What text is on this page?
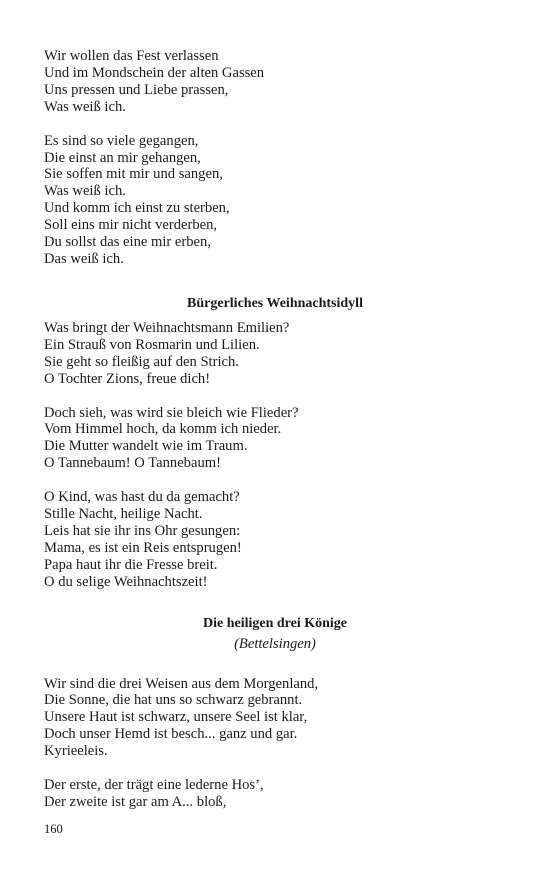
Wir wollen das Fest verlassen
Und im Mondschein der alten Gassen
Uns pressen und Liebe prassen,
Was weiß ich.
Es sind so viele gegangen,
Die einst an mir gehangen,
Sie soffen mit mir und sangen,
Was weiß ich.
Und komm ich einst zu sterben,
Soll eins mir nicht verderben,
Du sollst das eine mir erben,
Das weiß ich.
Bürgerliches Weihnachtsidyll
Was bringt der Weihnachtsmann Emilien?
Ein Strauß von Rosmarin und Lilien.
Sie geht so fleißig auf den Strich.
O Tochter Zions, freue dich!
Doch sieh, was wird sie bleich wie Flieder?
Vom Himmel hoch, da komm ich nieder.
Die Mutter wandelt wie im Traum.
O Tannebaum! O Tannebaum!
O Kind, was hast du da gemacht?
Stille Nacht, heilige Nacht.
Leis hat sie ihr ins Ohr gesungen:
Mama, es ist ein Reis entsprugen!
Papa haut ihr die Fresse breit.
O du selige Weihnachtszeit!
Die heiligen drei Könige

(Bettelsingen)

Wir sind die drei Weisen aus dem Morgenland,
Die Sonne, die hat uns so schwarz gebrannt.
Unsere Haut ist schwarz, unsere Seel ist klar,
Doch unser Hemd ist besch... ganz und gar.
Kyrieeleis.
Der erste, der trägt eine lederne Hos’,
Der zweite ist gar am A... bloß,
160
